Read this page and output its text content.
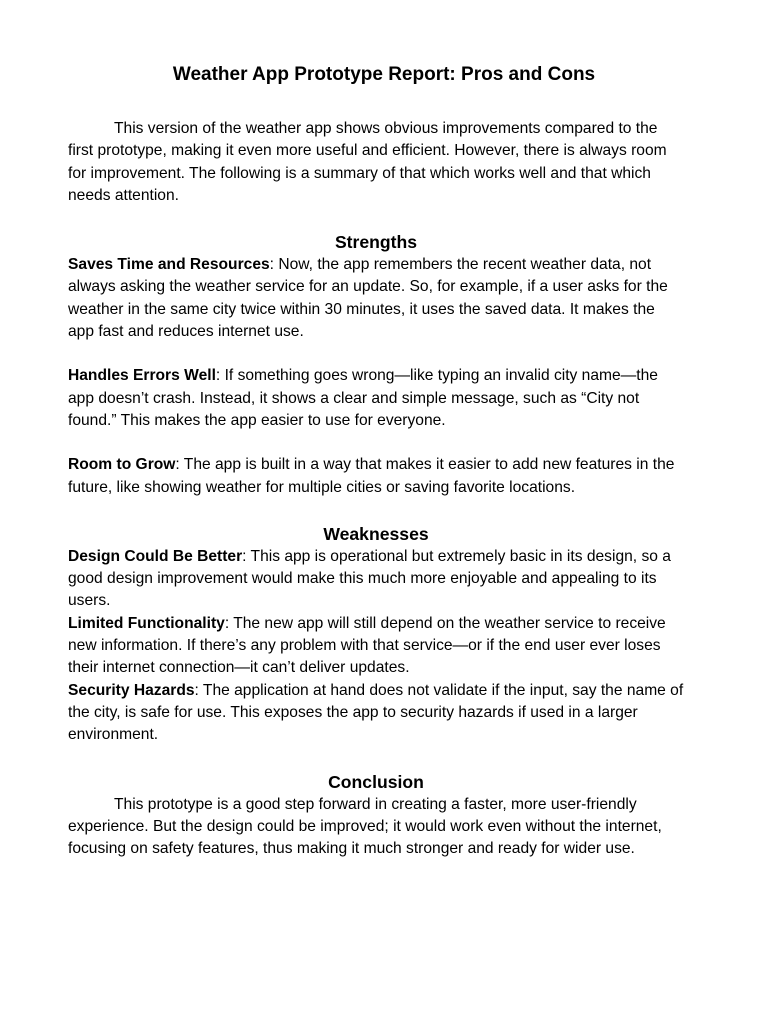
Weather App Prototype Report: Pros and Cons

This version of the weather app shows obvious improvements compared to the first prototype, making it even more useful and efficient. However, there is always room for improvement. The following is a summary of that which works well and that which needs attention.

Strengths

Saves Time and Resources: Now, the app remembers the recent weather data, not always asking the weather service for an update. So, for example, if a user asks for the weather in the same city twice within 30 minutes, it uses the saved data. It makes the app fast and reduces internet use.

Handles Errors Well: If something goes wrong—like typing an invalid city name—the app doesn’t crash. Instead, it shows a clear and simple message, such as “City not found.” This makes the app easier to use for everyone.

Room to Grow: The app is built in a way that makes it easier to add new features in the future, like showing weather for multiple cities or saving favorite locations.

Weaknesses

Design Could Be Better: This app is operational but extremely basic in its design, so a good design improvement would make this much more enjoyable and appealing to its users.

Limited Functionality: The new app will still depend on the weather service to receive new information. If there’s any problem with that service—or if the end user ever loses their internet connection—it can’t deliver updates.

Security Hazards: The application at hand does not validate if the input, say the name of the city, is safe for use. This exposes the app to security hazards if used in a larger environment.

Conclusion

This prototype is a good step forward in creating a faster, more user-friendly experience. But the design could be improved; it would work even without the internet, focusing on safety features, thus making it much stronger and ready for wider use.
